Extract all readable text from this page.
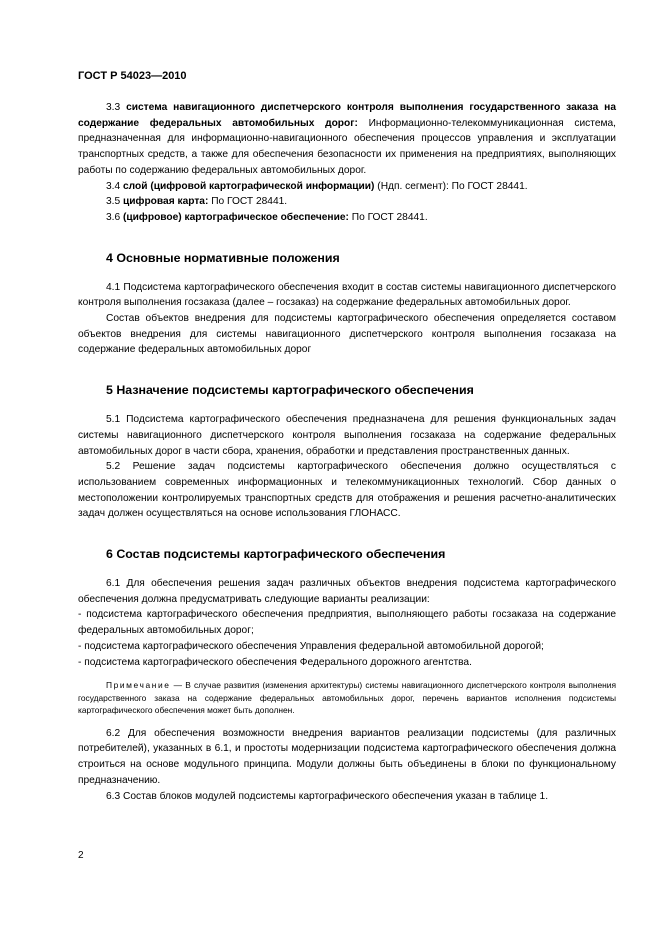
ГОСТ Р 54023—2010

3.3 система навигационного диспетчерского контроля выполнения государственного заказа на содержание федеральных автомобильных дорог: Информационно-телекоммуникационная система, предназначенная для информационно-навигационного обеспечения процессов управления и эксплуатации транспортных средств, а также для обеспечения безопасности их применения на предприятиях, выполняющих работы по содержанию федеральных автомобильных дорог.

3.4 слой (цифровой картографической информации) (Ндп. сегмент): По ГОСТ 28441.

3.5 цифровая карта: По ГОСТ 28441.

3.6 (цифровое) картографическое обеспечение: По ГОСТ 28441.

4 Основные нормативные положения

4.1 Подсистема картографического обеспечения входит в состав системы навигационного диспетчерского контроля выполнения госзаказа (далее – госзаказ) на содержание федеральных автомобильных дорог.

Состав объектов внедрения для подсистемы картографического обеспечения определяется составом объектов внедрения для системы навигационного диспетчерского контроля выполнения госзаказа на содержание федеральных автомобильных дорог

5 Назначение подсистемы картографического обеспечения

5.1 Подсистема картографического обеспечения предназначена для решения функциональных задач системы навигационного диспетчерского контроля выполнения госзаказа на содержание федеральных автомобильных дорог в части сбора, хранения, обработки и представления пространственных данных.

5.2 Решение задач подсистемы картографического обеспечения должно осуществляться с использованием современных информационных и телекоммуникационных технологий. Сбор данных о местоположении контролируемых транспортных средств для отображения и решения расчетно-аналитических задач должен осуществляться на основе использования ГЛОНАСС.

6 Состав подсистемы картографического обеспечения

6.1 Для обеспечения решения задач различных объектов внедрения подсистема картографического обеспечения должна предусматривать следующие варианты реализации:

- подсистема картографического обеспечения предприятия, выполняющего работы госзаказа на содержание федеральных автомобильных дорог;

- подсистема картографического обеспечения Управления федеральной автомобильной дорогой;

- подсистема картографического обеспечения Федерального дорожного агентства.

Примечание — В случае развития (изменения архитектуры) системы навигационного диспетчерского контроля выполнения государственного заказа на содержание федеральных автомобильных дорог, перечень вариантов исполнения подсистемы картографического обеспечения может быть дополнен.

6.2 Для обеспечения возможности внедрения вариантов реализации подсистемы (для различных потребителей), указанных в 6.1, и простоты модернизации подсистема картографического обеспечения должна строиться на основе модульного принципа. Модули должны быть объединены в блоки по функциональному предназначению.

6.3 Состав блоков модулей подсистемы картографического обеспечения указан в таблице 1.

2
